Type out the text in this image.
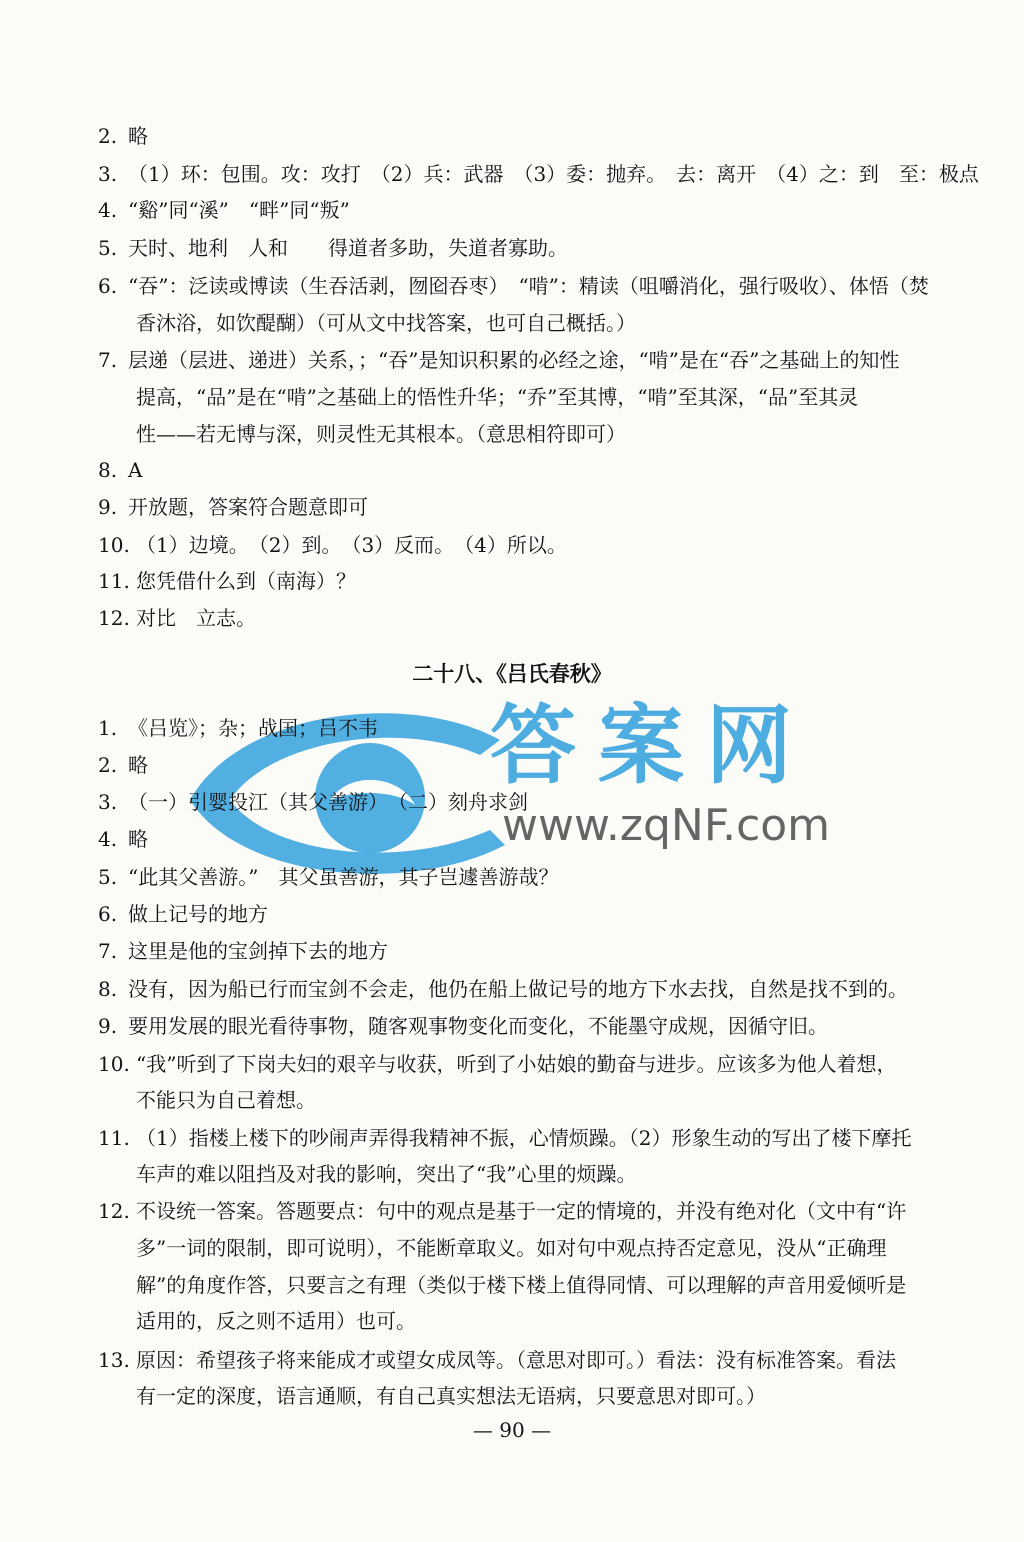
答案网
www.zqNF.com
2. 略
3. （1）环：包围。攻：攻打　（2）兵：武器　（3）委：抛弃。　去：离开　（4）之：到　至：极点
4. “谿”同“溪”　“畔”同“叛”
5. 天时、地利　人和　　得道者多助，失道者寡助。
6. “吞”：泛读或博读（生吞活剥，囫囵吞枣）　“啃”：精读（咀嚼消化，强行吸收）、体悟（焚
香沐浴，如饮醍醐）（可从文中找答案，也可自己概括。）
7. 层递（层进、递进）关系，；“吞”是知识积累的必经之途，“啃”是在“吞”之基础上的知性
提高，“品”是在“啃”之基础上的悟性升华；“乔”至其博，“啃”至其深，“品”至其灵
性——若无博与深，则灵性无其根本。（意思相符即可）
8. A
9. 开放题，答案符合题意即可
10. （1）边境。　（2）到。　（3）反而。　（4）所以。
11. 您凭借什么到（南海）？
12. 对比　立志。
二十八、《吕氏春秋》
1. 《吕览》；杂；战国；吕不韦
2. 略
3. （一）引婴投江（其父善游）　（二）刻舟求剑
4. 略
5. “此其父善游。”　其父虽善游，其子岂遽善游哉？
6. 做上记号的地方
7. 这里是他的宝剑掉下去的地方
8. 没有，因为船已行而宝剑不会走，他仍在船上做记号的地方下水去找，自然是找不到的。
9. 要用发展的眼光看待事物，随客观事物变化而变化，不能墨守成规，因循守旧。
10. “我”听到了下岗夫妇的艰辛与收获，听到了小姑娘的勤奋与进步。应该多为他人着想，
不能只为自己着想。
11. （1）指楼上楼下的吵闹声弄得我精神不振，心情烦躁。（2）形象生动的写出了楼下摩托
车声的难以阻挡及对我的影响，突出了“我”心里的烦躁。
12. 不设统一答案。答题要点：句中的观点是基于一定的情境的，并没有绝对化（文中有“许
多”一词的限制，即可说明），不能断章取义。如对句中观点持否定意见，没从“正确理
解”的角度作答，只要言之有理（类似于楼下楼上值得同情、可以理解的声音用爱倾听是
适用的，反之则不适用）也可。
13. 原因：希望孩子将来能成才或望女成凤等。（意思对即可。）看法：没有标准答案。看法
有一定的深度，语言通顺，有自己真实想法无语病，只要意思对即可。）
— 90 —
